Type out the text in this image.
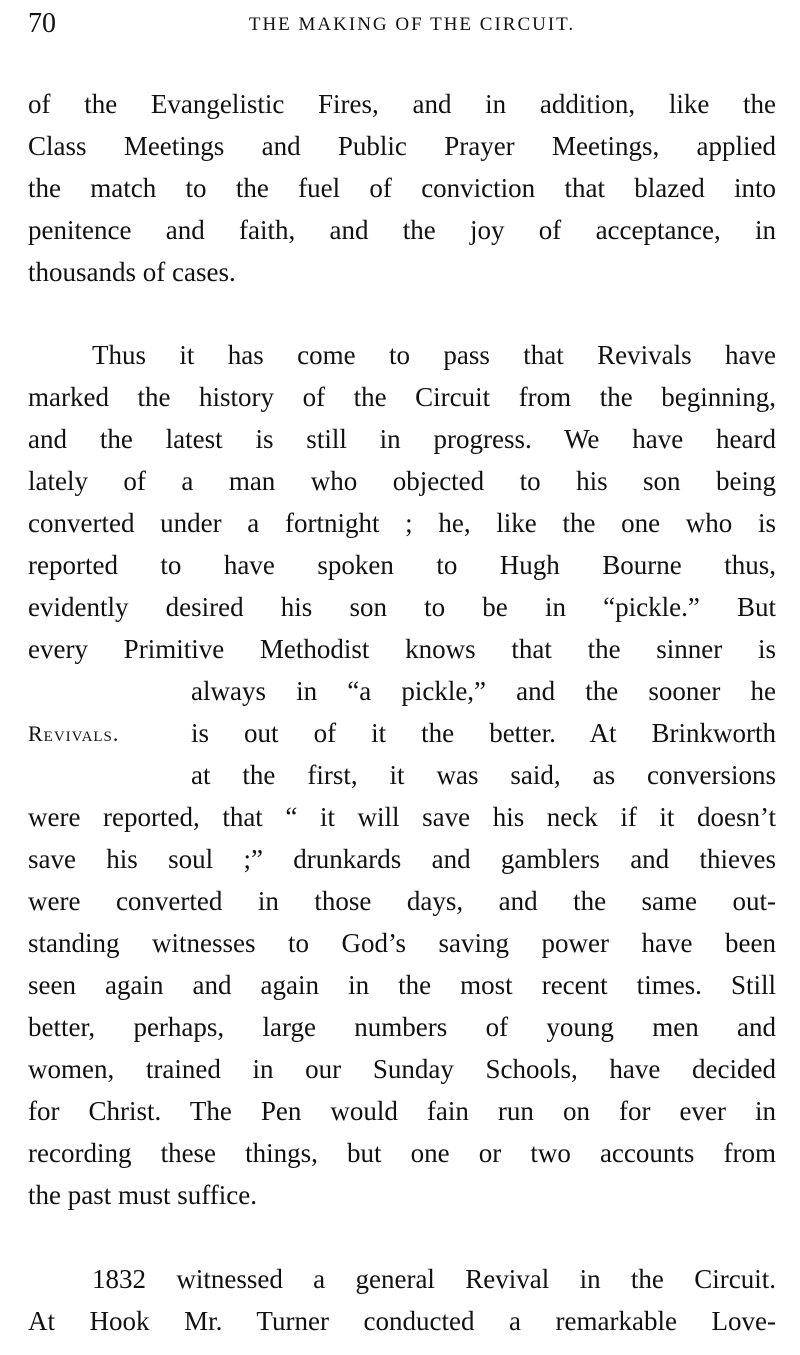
70	THE MAKING OF THE CIRCUIT.
of the Evangelistic Fires, and in addition, like the
Class Meetings and Public Prayer Meetings, applied
the match to the fuel of conviction that blazed into
penitence and faith, and the joy of acceptance, in
thousands of cases.
Thus it has come to pass that Revivals have
marked the history of the Circuit from the beginning,
and the latest is still in progress. We have heard
lately of a man who objected to his son being
converted under a fortnight ; he, like the one who is
reported to have spoken to Hugh Bourne thus,
evidently desired his son to be in “pickle.” But
every Primitive Methodist knows that the sinner is
always in “a pickle,” and the sooner he
Revivals.	is out of it the better. At Brinkworth
at the first, it was said, as conversions
were reported, that “ it will save his neck if it doesn’t
save his soul ;” drunkards and gamblers and thieves
were converted in those days, and the same out-
standing witnesses to God’s saving power have been
seen again and again in the most recent times. Still
better, perhaps, large numbers of young men and
women, trained in our Sunday Schools, have decided
for Christ. The Pen would fain run on for ever in
recording these things, but one or two accounts from
the past must suffice.
1832 witnessed a general Revival in the Circuit.
At Hook Mr. Turner conducted a remarkable Love-
